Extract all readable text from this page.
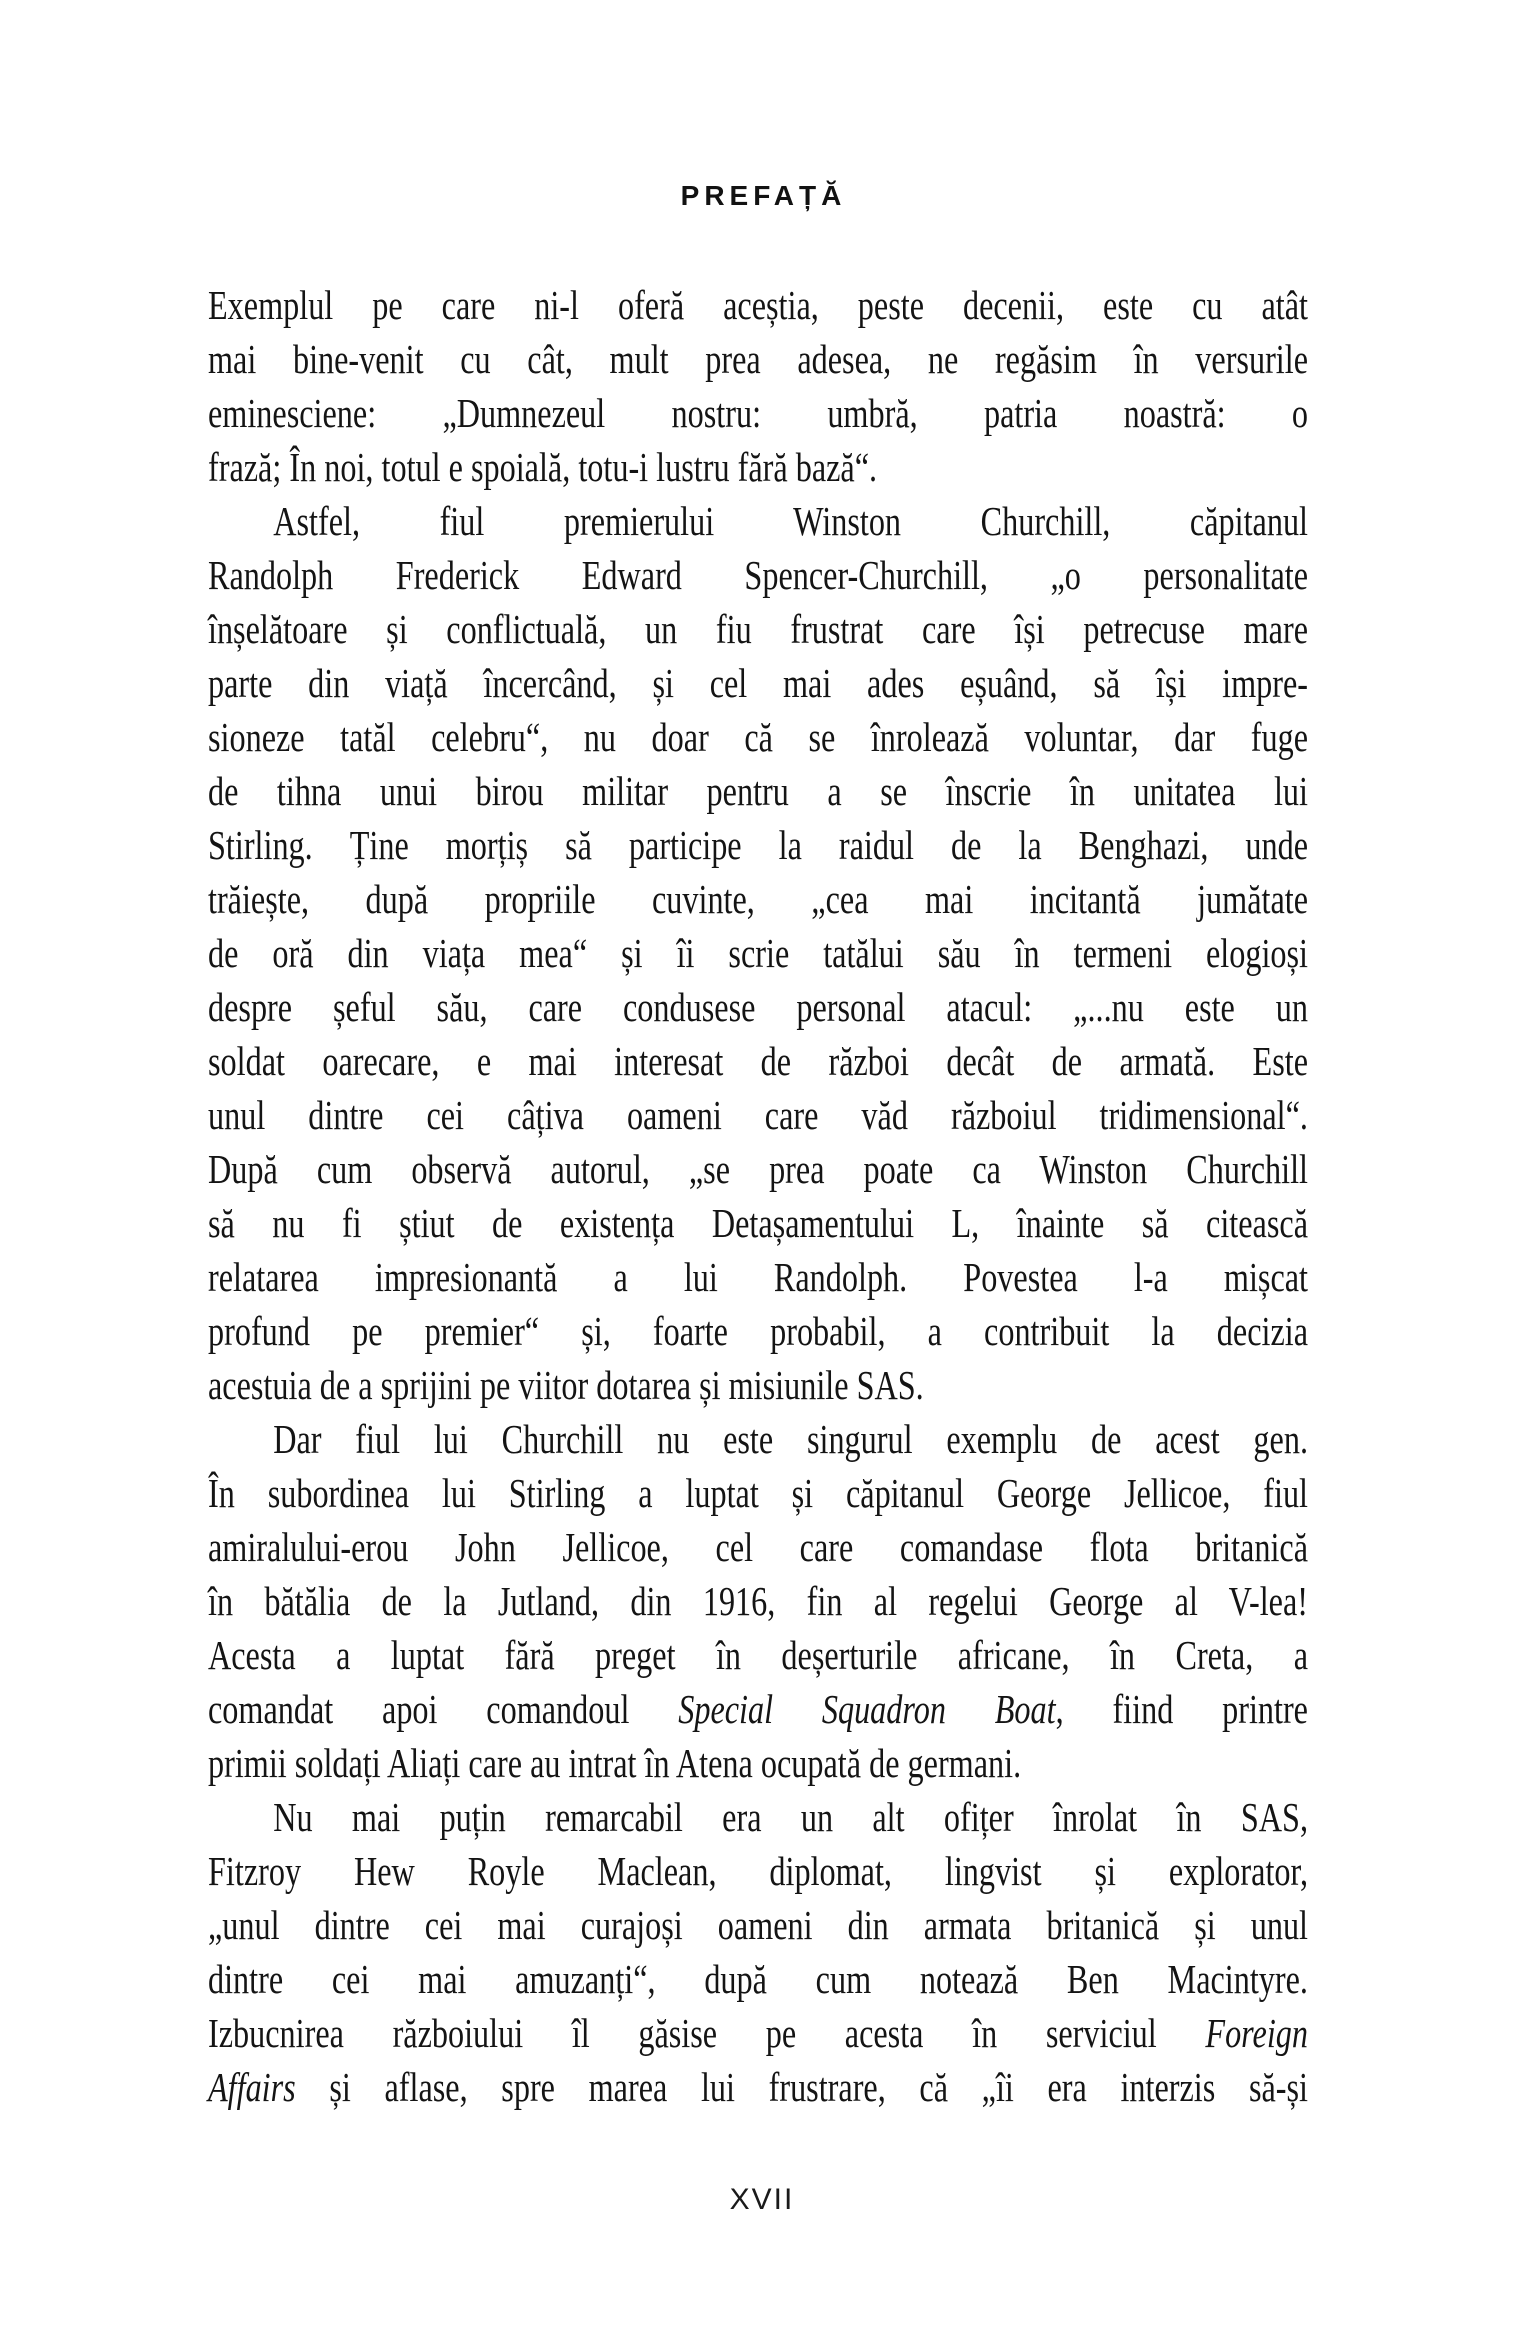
PREFAȚĂ
Exemplul pe care ni-l oferă aceștia, peste decenii, este cu atât
mai bine-venit cu cât, mult prea adesea, ne regăsim în versurile
eminesciene: „Dumnezeul nostru: umbră, patria noastră: o
frază; În noi, totul e spoială, totu-i lustru fără bază“.
Astfel, fiul premierului Winston Churchill, căpitanul
Randolph Frederick Edward Spencer-Churchill, „o personalitate
înșelătoare și conflictuală, un fiu frustrat care își petrecuse mare
parte din viață încercând, și cel mai ades eșuând, să își impre-
sioneze tatăl celebru“, nu doar că se înrolează voluntar, dar fuge
de tihna unui birou militar pentru a se înscrie în unitatea lui
Stirling. Ține morțiș să participe la raidul de la Benghazi, unde
trăiește, după propriile cuvinte, „cea mai incitantă jumătate
de oră din viața mea“ și îi scrie tatălui său în termeni elogioși
despre șeful său, care condusese personal atacul: „...nu este un
soldat oarecare, e mai interesat de război decât de armată. Este
unul dintre cei câțiva oameni care văd războiul tridimensional“.
După cum observă autorul, „se prea poate ca Winston Churchill
să nu fi știut de existența Detașamentului L, înainte să citească
relatarea impresionantă a lui Randolph. Povestea l-a mișcat
profund pe premier“ și, foarte probabil, a contribuit la decizia
acestuia de a sprijini pe viitor dotarea și misiunile SAS.
Dar fiul lui Churchill nu este singurul exemplu de acest gen.
În subordinea lui Stirling a luptat și căpitanul George Jellicoe, fiul
amiralului-erou John Jellicoe, cel care comandase flota britanică
în bătălia de la Jutland, din 1916, fin al regelui George al V-lea!
Acesta a luptat fără preget în deșerturile africane, în Creta, a
comandat apoi comandoul Special Squadron Boat, fiind printre
primii soldați Aliați care au intrat în Atena ocupată de germani.
Nu mai puțin remarcabil era un alt ofițer înrolat în SAS,
Fitzroy Hew Royle Maclean, diplomat, lingvist și explorator,
„unul dintre cei mai curajoși oameni din armata britanică și unul
dintre cei mai amuzanți“, după cum notează Ben Macintyre.
Izbucnirea războiului îl găsise pe acesta în serviciul Foreign
Affairs și aflase, spre marea lui frustrare, că „îi era interzis să-și
XVII
